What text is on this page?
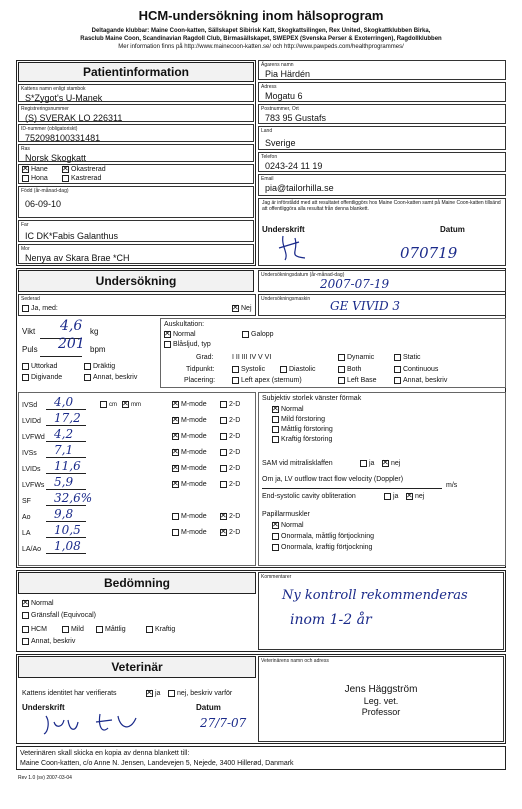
HCM-undersökning inom hälsoprogram
Deltagande klubbar: Maine Coon-katten, Sällskapet Sibirisk Katt, Skogkattsilingen, Rex United, Skogkattklubben Birka,
Rasclub Maine Coon, Scandinavian Ragdoll Club, Birmasällskapet, SWEPEX (Svenska Perser & Exoterringen), Ragdollklubben
Mer information finns på http://www.mainecoon-katten.se/ och http://www.pawpeds.com/healthprogrammes/
Patientinformation
Kattens namn enligt stambok
S*Zygot's U-Manek
Registreringsnummer
(S) SVERAK LO 226311
ID-nummer (obligatoriskt)
752098100331481
Ras
Norsk Skogkatt
✕
Hane
Hona
✕
Okastrerad
Kastrerad
Född (år-månad-dag)
06-09-10
Far
IC DK*Fabis Galanthus
Mor
Nenya av Skara Brae *CH
Ägarens namn
Pia Härdén
Adress
Mogatu 6
Postnummer, Ort
783 95 Gustafs
Land
Sverige
Telefon
0243-24 11 19
Email
pia@tailorhilla.se
Jag är införstådd med att resultatet offentliggörs hos Maine Coon-katten samt på Maine Coon-katten tillsänd att offentliggöra alla resultat från denna blankett.
Underskrift	Datum
070719
Undersökning	Undersökningsdatum (år-månad-dag)
2007-07-19
Undersökningsmaskin GE VIVID 3
Sederad
Ja, med: ✕	Nej
Vikt 4,6 kg
Puls 201 bpm
Uttorkad	Dräktig
Digivande	Annat, beskriv
Auskultation:
✕
Normal	Galopp
Blåsljud, typ
Grad:	I II III IV V VI
Tidpunkt:
Placering:
Systolic	Diastolic
Left apex (sternum)
Dynamic	Static
Both	Continuous
Left Base	Annat, beskriv
IVSd 4,0	cm ✕ mm ✕	M-mode	2-D
LVIDd 17,2 ✕	M-mode	2-D
LVFWd 4,2 ✕	M-mode	2-D
IVSs 7,1 ✕	M-mode	2-D
LVIDs 11,6 ✕	M-mode	2-D
LVFWs 5,9 ✕	M-mode	2-D
SF 32,6%
Ao 9,8	M-mode ✕	2-D
LA 10,5	M-mode ✕	2-D
LA/Ao 1,08
Subjektiv storlek vänster förmak
✕
Normal
Mild förstoring
Måttlig förstoring
Kraftig förstoring
SAM vid mitralisklaffen	ja ✕ nej
Om ja, LV outflow tract flow velocity (Doppler)
m/s
End-systolic cavity obliteration	ja ✕ nej
Papillarmuskler
✕
Normal
Onormala, måttlig förtjockning
Onormala, kraftig förtjockning
Bedömning
✕
Normal
Gränsfall (Equivocal)
HCM	Mild	Måttlig	Kraftig
Annat, beskriv
Kommentarer
Ny kontroll rekommenderas
inom 1-2 år
Veterinär
Kattens identitet har verifierats ✕	ja nej, beskriv varför
Underskrift	Datum
27/7-07
Veterinärens namn och adress
Jens Häggström
Leg. vet.
Professor
Veterinären skall skicka en kopia av denna blankett till:
Maine Coon-katten, c/o Anne N. Jensen, Landevejen 5, Nejede, 3400 Hillerød, Danmark
Rev 1.0 (sv) 2007-03-04
